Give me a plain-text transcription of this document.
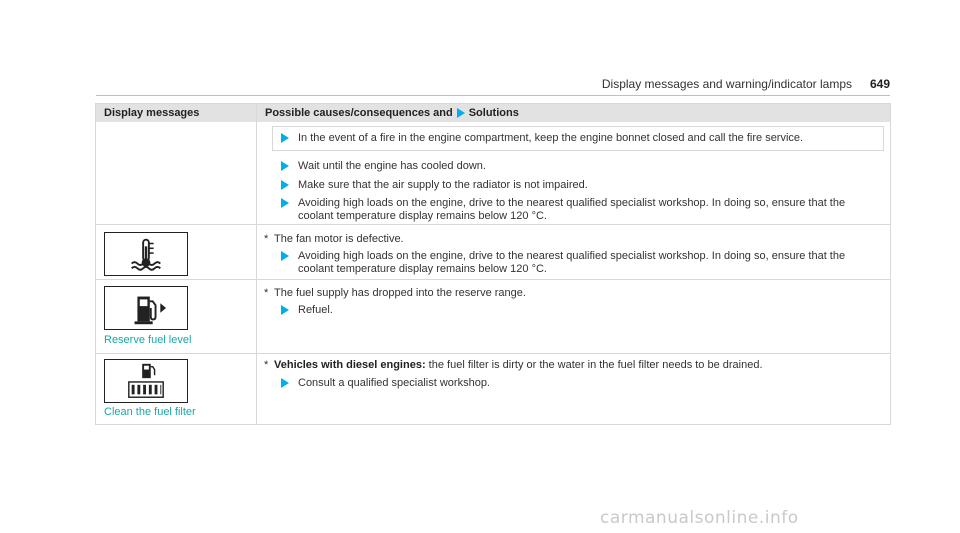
Display messages and warning/indicator lamps 649
Display messages	Possible causes/consequences and Solutions
In the event of a fire in the engine compartment, keep the engine bonnet closed and call the fire service.
Wait until the engine has cooled down.
Make sure that the air supply to the radiator is not impaired.
Avoiding high loads on the engine, drive to the nearest qualified specialist workshop. In doing so, ensure that the coolant temperature display remains below 120 °C.
* The fan motor is defective.
Avoiding high loads on the engine, drive to the nearest qualified specialist workshop. In doing so, ensure that the coolant temperature display remains below 120 °C.
Reserve fuel level
* The fuel supply has dropped into the reserve range.
Refuel.
Clean the fuel filter
* Vehicles with diesel engines: the fuel filter is dirty or the water in the fuel filter needs to be drained.
Consult a qualified specialist workshop.
carmanualsonline.info
